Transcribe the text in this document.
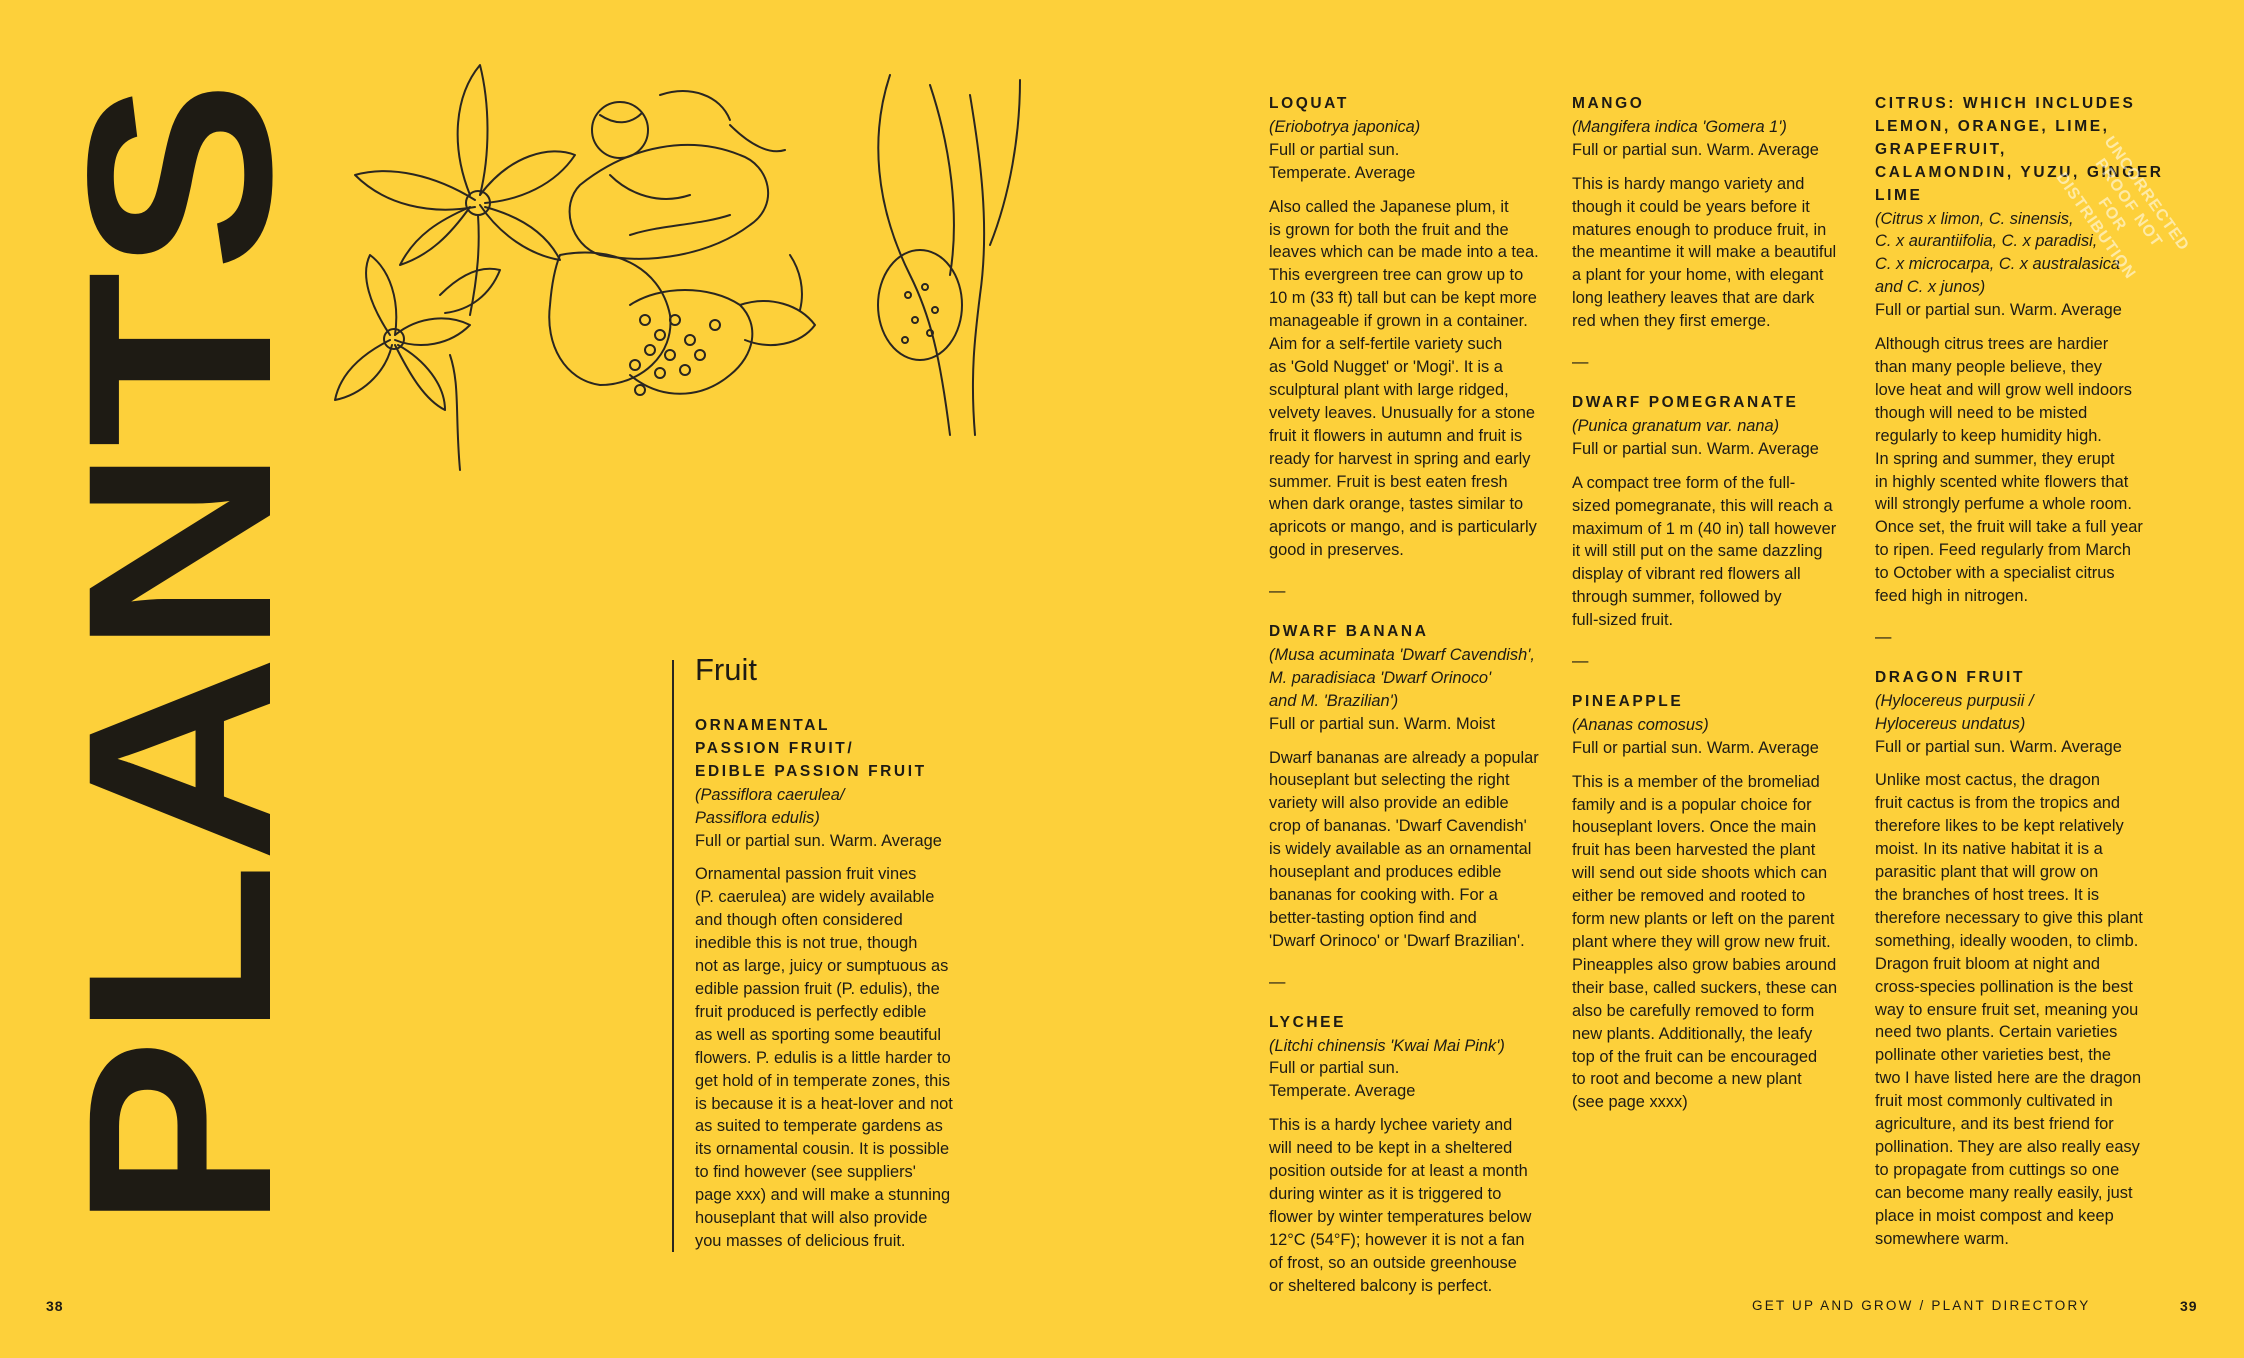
PLANTS	Fruit

ORNAMENTAL

PASSION FRUIT/

EDIBLE PASSION FRUIT

(Passiflora caerulea/

Passiflora edulis)

Full or partial sun. Warm. Average

Ornamental passion fruit vines

(P. caerulea) are widely available

and though often considered

inedible this is not true, though

not as large, juicy or sumptuous as

edible passion fruit (P. edulis), the

fruit produced is perfectly edible

as well as sporting some beautiful

flowers. P. edulis is a little harder to

get hold of in temperate zones, this

is because it is a heat-lover and not

as suited to temperate gardens as

its ornamental cousin. It is possible

to find however (see suppliers'

page xxx) and will make a stunning

houseplant that will also provide

you masses of delicious fruit.

38

LOQUAT

(Eriobotrya japonica)

Full or partial sun.

Temperate. Average

Also called the Japanese plum, it

is grown for both the fruit and the

leaves which can be made into a tea.

This evergreen tree can grow up to

10 m (33 ft) tall but can be kept more

manageable if grown in a container.

Aim for a self-fertile variety such

as 'Gold Nugget' or 'Mogi'. It is a

sculptural plant with large ridged,

velvety leaves. Unusually for a stone

fruit it flowers in autumn and fruit is

ready for harvest in spring and early

summer. Fruit is best eaten fresh

when dark orange, tastes similar to

apricots or mango, and is particularly

good in preserves.

—

DWARF BANANA

(Musa acuminata 'Dwarf Cavendish',

M. paradisiaca 'Dwarf Orinoco'

and M. 'Brazilian')

Full or partial sun. Warm. Moist

Dwarf bananas are already a popular

houseplant but selecting the right

variety will also provide an edible

crop of bananas. 'Dwarf Cavendish'

is widely available as an ornamental

houseplant and produces edible

bananas for cooking with. For a

better-tasting option find and

'Dwarf Orinoco' or 'Dwarf Brazilian'.

—

LYCHEE

(Litchi chinensis 'Kwai Mai Pink')

Full or partial sun.

Temperate. Average

This is a hardy lychee variety and

will need to be kept in a sheltered

position outside for at least a month

during winter as it is triggered to

flower by winter temperatures below

12°C (54°F); however it is not a fan

of frost, so an outside greenhouse

or sheltered balcony is perfect.

MANGO

(Mangifera indica 'Gomera 1')

Full or partial sun. Warm. Average

This is hardy mango variety and

though it could be years before it

matures enough to produce fruit, in

the meantime it will make a beautiful

a plant for your home, with elegant

long leathery leaves that are dark

red when they first emerge.

—

DWARF POMEGRANATE

(Punica granatum var. nana)

Full or partial sun. Warm. Average

A compact tree form of the full-

sized pomegranate, this will reach a

maximum of 1 m (40 in) tall however

it will still put on the same dazzling

display of vibrant red flowers all

through summer, followed by

full-sized fruit.

—

PINEAPPLE

(Ananas comosus)

Full or partial sun. Warm. Average

This is a member of the bromeliad

family and is a popular choice for

houseplant lovers. Once the main

fruit has been harvested the plant

will send out side shoots which can

either be removed and rooted to

form new plants or left on the parent

plant where they will grow new fruit.

Pineapples also grow babies around

their base, called suckers, these can

also be carefully removed to form

new plants. Additionally, the leafy

top of the fruit can be encouraged

to root and become a new plant

(see page xxxx)

CITRUS: WHICH INCLUDES

LEMON, ORANGE, LIME, GRAPEFRUIT,

CALAMONDIN, YUZU, GINGER LIME

(Citrus x limon, C. sinensis,

C. x aurantiifolia, C. x paradisi,

C. x microcarpa, C. x australasica

and C. x junos)

Full or partial sun. Warm. Average

Although citrus trees are hardier

than many people believe, they

love heat and will grow well indoors

though will need to be misted

regularly to keep humidity high.

In spring and summer, they erupt

in highly scented white flowers that

will strongly perfume a whole room.

Once set, the fruit will take a full year

to ripen. Feed regularly from March

to October with a specialist citrus

feed high in nitrogen.

—

DRAGON FRUIT

(Hylocereus purpusii /

Hylocereus undatus)

Full or partial sun. Warm. Average

Unlike most cactus, the dragon

fruit cactus is from the tropics and

therefore likes to be kept relatively

moist. In its native habitat it is a

parasitic plant that will grow on

the branches of host trees. It is

therefore necessary to give this plant

something, ideally wooden, to climb.

Dragon fruit bloom at night and

cross-species pollination is the best

way to ensure fruit set, meaning you

need two plants. Certain varieties

pollinate other varieties best, the

two I have listed here are the dragon

fruit most commonly cultivated in

agriculture, and its best friend for

pollination. They are also really easy

to propagate from cuttings so one

can become many really easily, just

place in moist compost and keep

somewhere warm.

UNCORRECTED PROOF NOT FOR DISTRIBUTION
GET UP AND GROW / PLANT DIRECTORY	39
